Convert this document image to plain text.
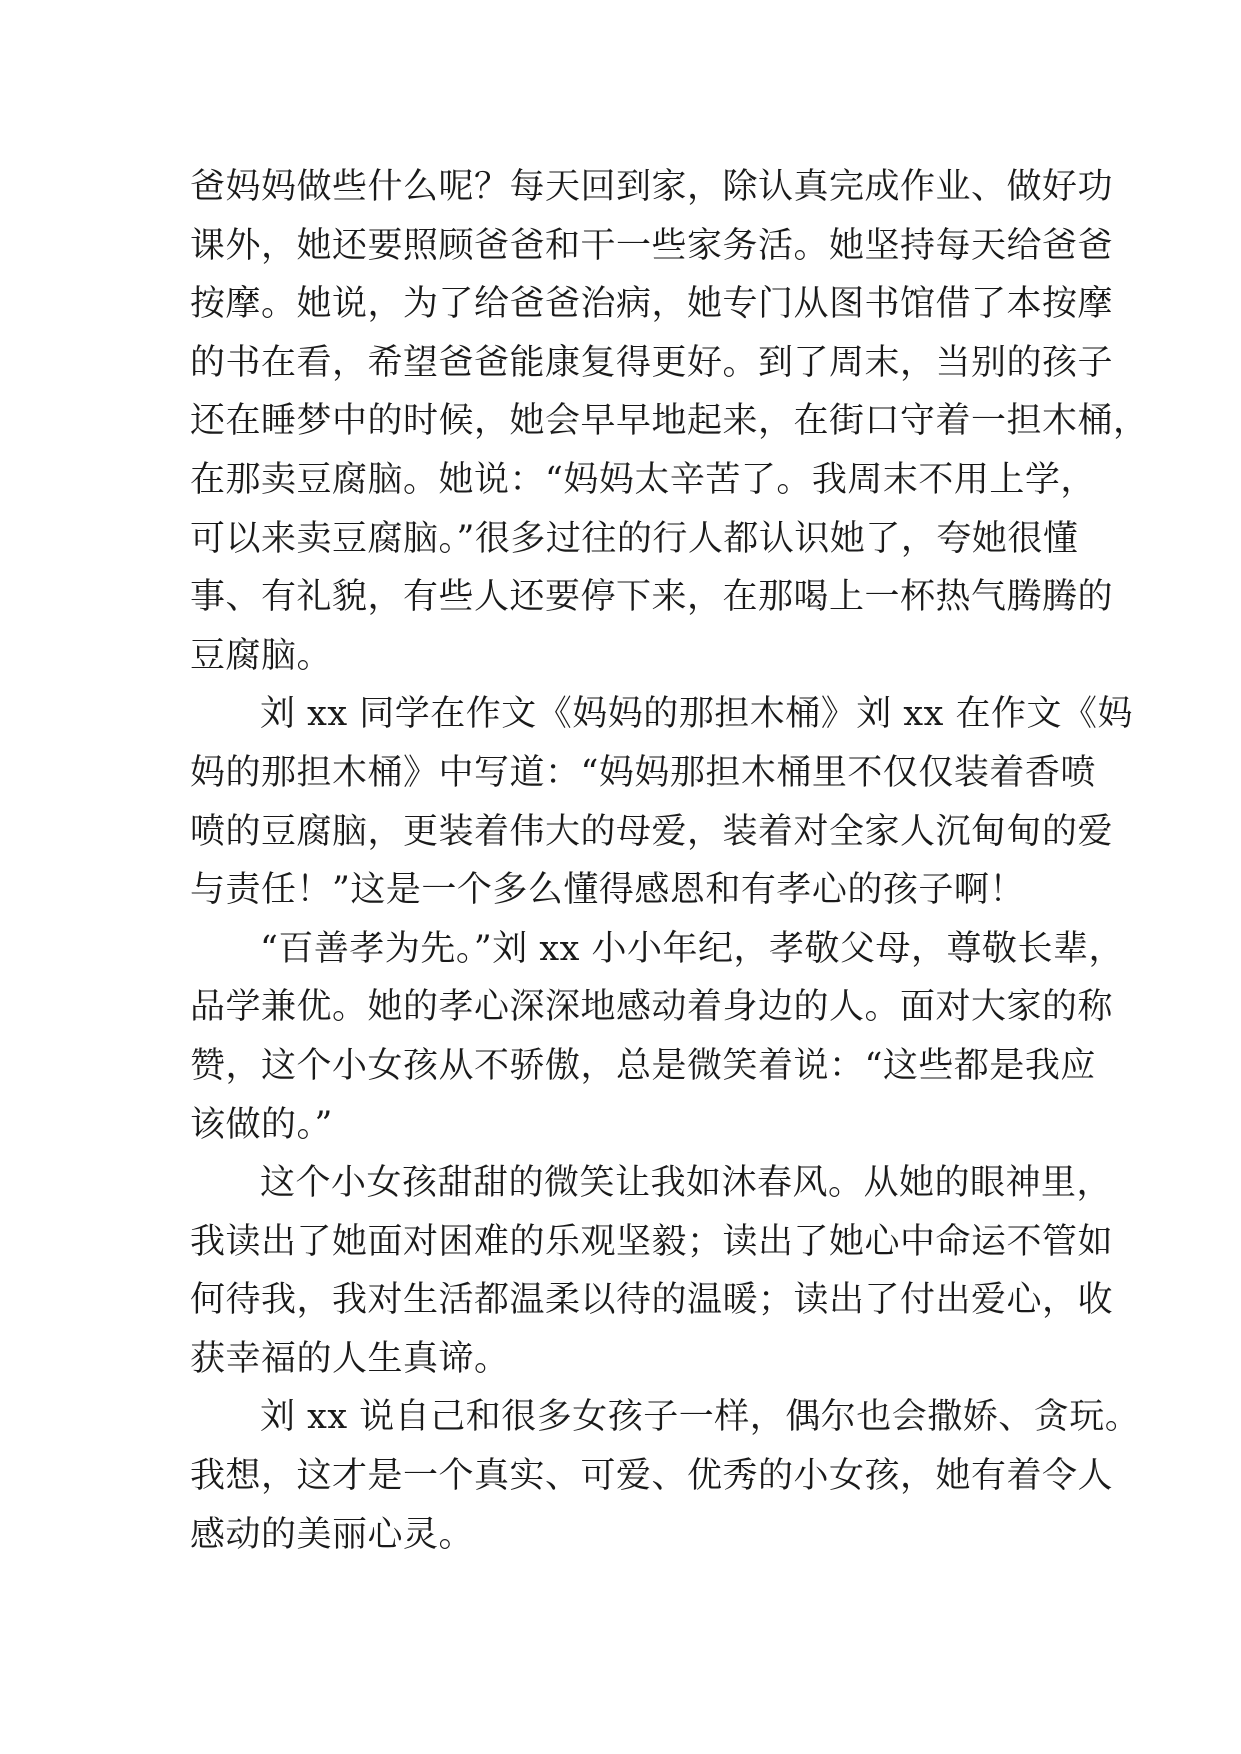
爸妈妈做些什么呢？每天回到家，除认真完成作业、做好功
课外，她还要照顾爸爸和干一些家务活。她坚持每天给爸爸
按摩。她说，为了给爸爸治病，她专门从图书馆借了本按摩
的书在看，希望爸爸能康复得更好。到了周末，当别的孩子
还在睡梦中的时候，她会早早地起来，在街口守着一担木桶，
在那卖豆腐脑。她说：“妈妈太辛苦了。我周末不用上学，
可以来卖豆腐脑。”很多过往的行人都认识她了，夸她很懂
事、有礼貌，有些人还要停下来，在那喝上一杯热气腾腾的
豆腐脑。
刘 xx 同学在作文《妈妈的那担木桶》刘 xx 在作文《妈
妈的那担木桶》中写道：“妈妈那担木桶里不仅仅装着香喷
喷的豆腐脑，更装着伟大的母爱，装着对全家人沉甸甸的爱
与责任！”这是一个多么懂得感恩和有孝心的孩子啊！
“百善孝为先。”刘 xx 小小年纪，孝敬父母，尊敬长辈，
品学兼优。她的孝心深深地感动着身边的人。面对大家的称
赞，这个小女孩从不骄傲，总是微笑着说：“这些都是我应
该做的。”
这个小女孩甜甜的微笑让我如沐春风。从她的眼神里，
我读出了她面对困难的乐观坚毅；读出了她心中命运不管如
何待我，我对生活都温柔以待的温暖；读出了付出爱心，收
获幸福的人生真谛。
刘 xx 说自己和很多女孩子一样，偶尔也会撒娇、贪玩。
我想，这才是一个真实、可爱、优秀的小女孩，她有着令人
感动的美丽心灵。
